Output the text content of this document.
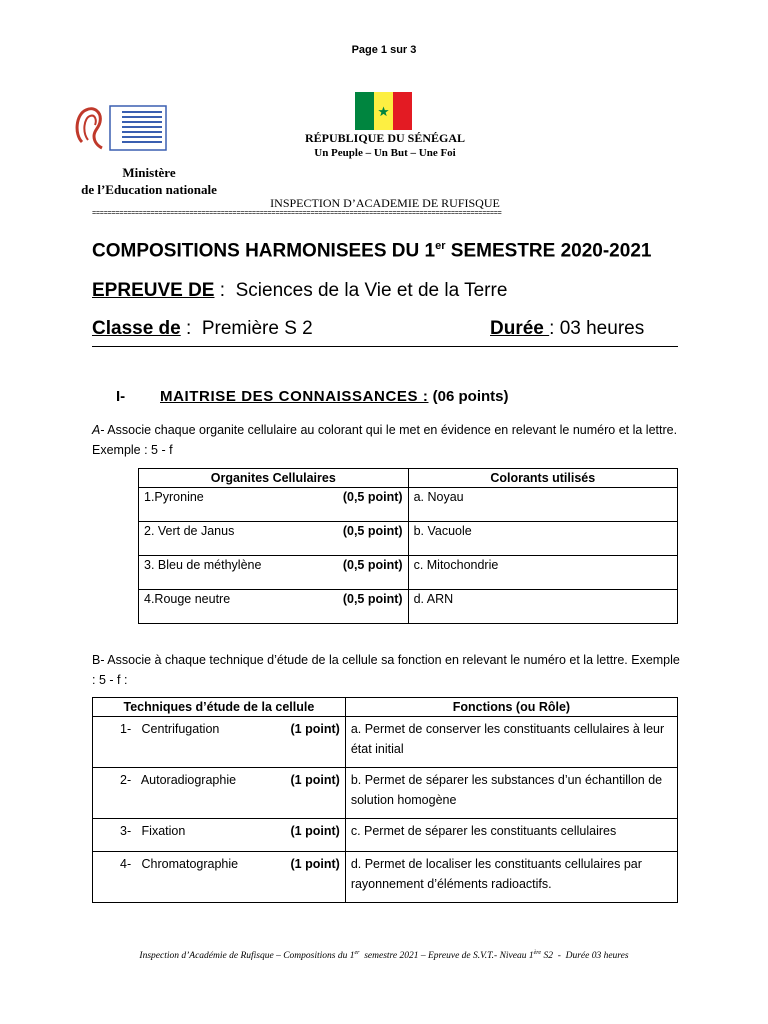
Page 1 sur 3
Ministère
de l’Education nationale
RÉPUBLIQUE DU SÉNÉGAL
Un Peuple – Un But – Une Foi
INSPECTION D’ACADEMIE DE RUFISQUE
=========================================================================================================
COMPOSITIONS HARMONISEES DU 1er SEMESTRE 2020-2021
EPREUVE DE :  Sciences de la Vie et de la Terre
Classe de :  Première S 2	Durée : 03 heures
I- MAITRISE DES CONNAISSANCES : (06 points)
A- Associe chaque organite cellulaire au colorant qui le met en évidence en relevant le numéro et la lettre. Exemple : 5 - f
Organites Cellulaires	Colorants utilisés

1.Pyronine (0,5 point)	a. Noyau

2. Vert de Janus (0,5 point)	b. Vacuole

3. Bleu de méthylène (0,5 point)	c. Mitochondrie

4.Rouge neutre (0,5 point)	d. ARN
B- Associe à chaque technique d’étude de la cellule sa fonction en relevant le numéro et la lettre. Exemple : 5 - f :
Techniques d’étude de la cellule	Fonctions (ou Rôle)

1-   Centrifugation (1 point)	a. Permet de conserver les constituants cellulaires à leur état initial

2-   Autoradiographie (1 point)	b. Permet de séparer les substances d’un échantillon de solution homogène

3-   Fixation (1 point)	c. Permet de séparer les constituants cellulaires

4-   Chromatographie (1 point)	d. Permet de localiser les constituants cellulaires par rayonnement d’éléments radioactifs.
Inspection d’Académie de Rufisque – Compositions du 1er  semestre 2021 – Epreuve de S.V.T.- Niveau 1ère S2  -  Durée 03 heures
